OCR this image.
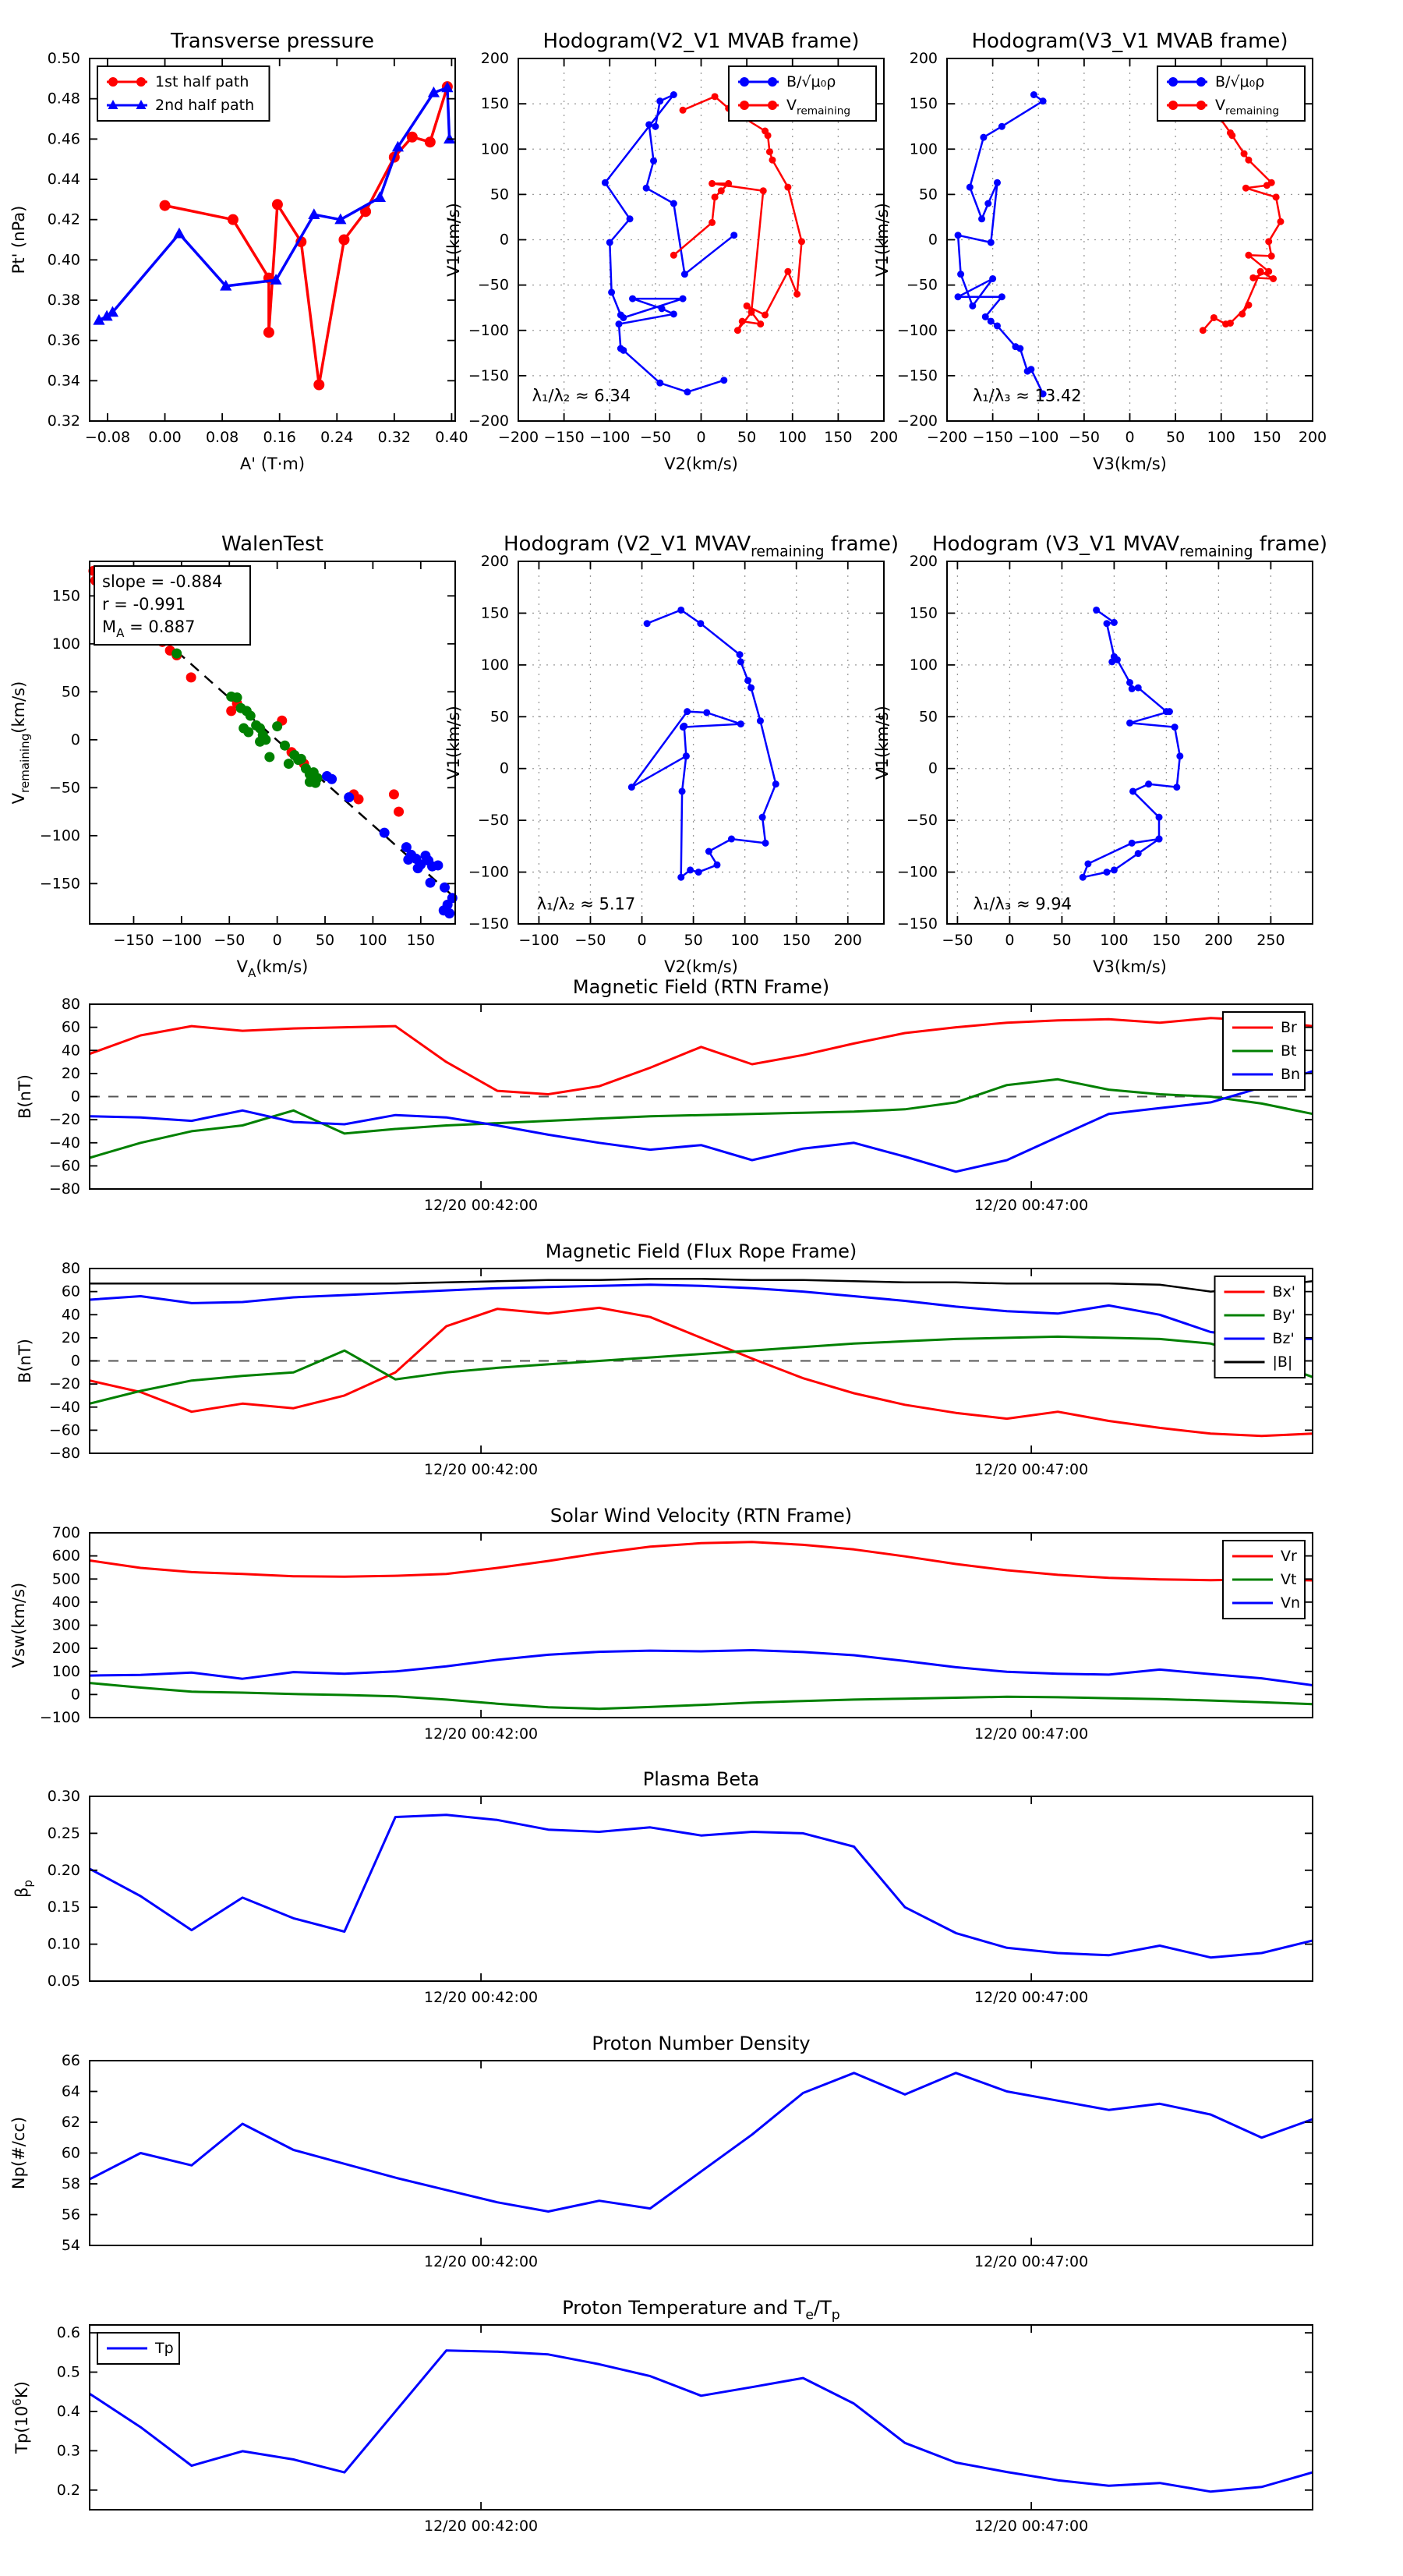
−0.08 0.00 0.08 0.16 0.24 0.32 0.40
0.32
0.34
0.36
0.38
0.40
0.42
0.44
0.46
0.48
0.50
Transverse pressure
A' (T·m)
Pt' (nPa)
1st half path
2nd half path
−200 −150 −100 −50 0 50 100 150 200
−200
−150
−100
−50
0
50
100
150
200
Hodogram(V2_V1 MVAB frame)
V2(km/s)
V1(km/s)
λ₁/λ₂ ≈ 6.34
B/√μ₀ρ
$V_{remaining}$
−200 −150 −100 −50 0 50 100 150 200
−200
−150
−100
−50
0
50
100
150
200
Hodogram(V3_V1 MVAB frame)
V3(km/s)
V1(km/s)
λ₁/λ₃ ≈ 13.42
B/√μ₀ρ
$V_{remaining}$
−150 −100 −50 0 50 100 150
−150
−100
−50
0
50
100
150
WalenTest
$V_A(km/s)$
$V_{remaining}(km/s)$
slope = -0.884
r = -0.991
$M_A = 0.887$
−100 −50 0	50 100 150 200
−150
−100
−50
0
50
100
150
200
Hodogram (V2_V1 $MVAV_{remaining}$ frame)
V2(km/s)
V1(km/s)
λ₁/λ₂ ≈ 5.17
−50 0	50 100 150 200 250
−150
−100
−50
0
50
100
150
200
Hodogram (V3_V1 $MVAV_{remaining}$ frame)
V3(km/s)
V1(km/s)
λ₁/λ₃ ≈ 9.94
12/20 00:42:00	12/20 00:47:00
−80
−60
−40
−20
0
20
40
60
80
Magnetic Field (RTN Frame)
B(nT)
Br
Bt
Bn
12/20 00:42:00	12/20 00:47:00
−80
−60
−40
−20
0
20
40
60
80
Magnetic Field (Flux Rope Frame)
B(nT)
Bx'
By'
Bz'
|B|
12/20 00:42:00	12/20 00:47:00
−100
0
100
200
300
400
500
600
700
Solar Wind Velocity (RTN Frame)
Vsw(km/s)
Vr
Vt
Vn
12/20 00:42:00	12/20 00:47:00
0.05
0.10
0.15
0.20
0.25
0.30
Plasma Beta
$\beta_p$
12/20 00:42:00	12/20 00:47:00
54
56
58
60
62
64
66
Proton Number Density
Np(#/cc)
12/20 00:42:00	12/20 00:47:00
0.2
0.3
0.4
0.5
0.6
Proton Temperature and $T_e/T_p$
$Tp(10^6K)$
Tp
